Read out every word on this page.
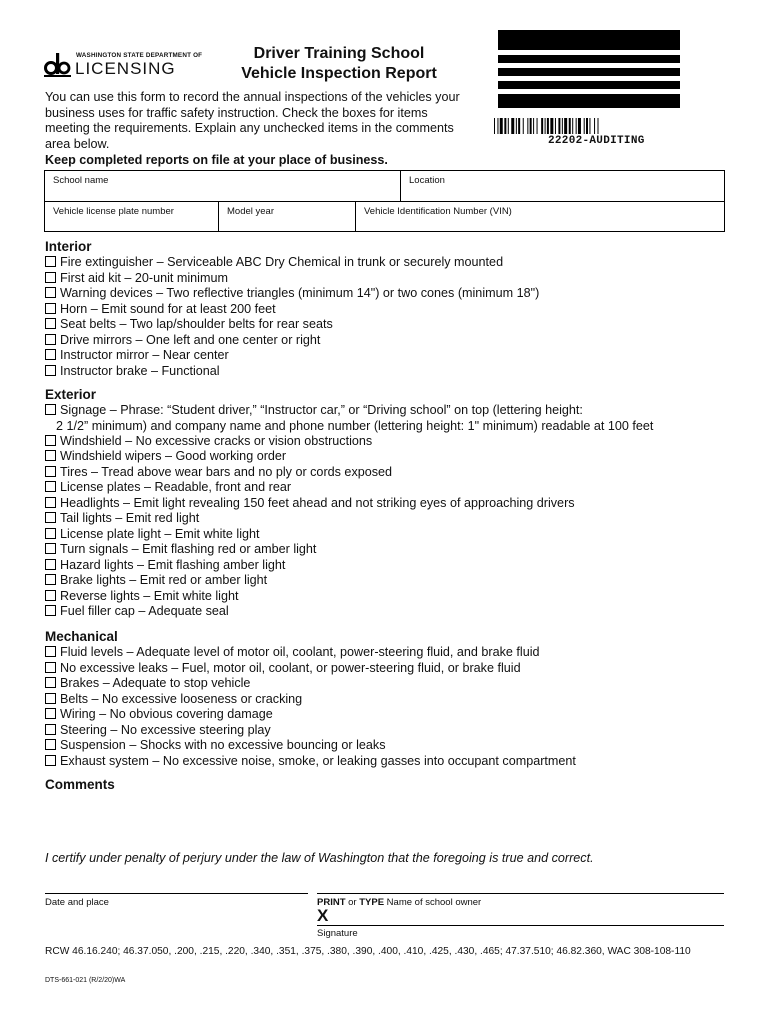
WASHINGTON STATE DEPARTMENT OF
LICENSING
Driver Training School
Vehicle Inspection Report
22202-AUDITING
You can use this form to record the annual inspections of the vehicles your business uses for traffic safety instruction. Check the boxes for items meeting the requirements. Explain any unchecked items in the comments area below.
Keep completed reports on file at your place of business.
School name	Location
Vehicle license plate number	Model year	Vehicle Identification Number (VIN)
Interior
Fire extinguisher – Serviceable ABC Dry Chemical in trunk or securely mounted
First aid kit – 20-unit minimum
Warning devices – Two reflective triangles (minimum 14") or two cones (minimum 18")
Horn – Emit sound for at least 200 feet
Seat belts – Two lap/shoulder belts for rear seats
Drive mirrors – One left and one center or right
Instructor mirror – Near center
Instructor brake – Functional
Exterior
Signage – Phrase: “Student driver,” “Instructor car,” or “Driving school” on top (lettering height:
2 1/2” minimum) and company name and phone number (lettering height: 1" minimum) readable at 100 feet
Windshield – No excessive cracks or vision obstructions
Windshield wipers – Good working order
Tires – Tread above wear bars and no ply or cords exposed
License plates – Readable, front and rear
Headlights – Emit light revealing 150 feet ahead and not striking eyes of approaching drivers
Tail lights – Emit red light
License plate light – Emit white light
Turn signals – Emit flashing red or amber light
Hazard lights – Emit flashing amber light
Brake lights – Emit red or amber light
Reverse lights – Emit white light
Fuel filler cap – Adequate seal
Mechanical
Fluid levels – Adequate level of motor oil, coolant, power-steering fluid, and brake fluid
No excessive leaks – Fuel, motor oil, coolant, or power-steering fluid, or brake fluid
Brakes – Adequate to stop vehicle
Belts – No excessive looseness or cracking
Wiring – No obvious covering damage
Steering – No excessive steering play
Suspension – Shocks with no excessive bouncing or leaks
Exhaust system – No excessive noise, smoke, or leaking gasses into occupant compartment
Comments
I certify under penalty of perjury under the law of Washington that the foregoing is true and correct.
Date and place	PRINT or TYPE Name of school owner
X
Signature
RCW 46.16.240; 46.37.050, .200, .215, .220, .340, .351, .375, .380, .390, .400, .410, .425, .430, .465; 47.37.510; 46.82.360, WAC 308-108-110
DTS-661-021 (R/2/20)WA
